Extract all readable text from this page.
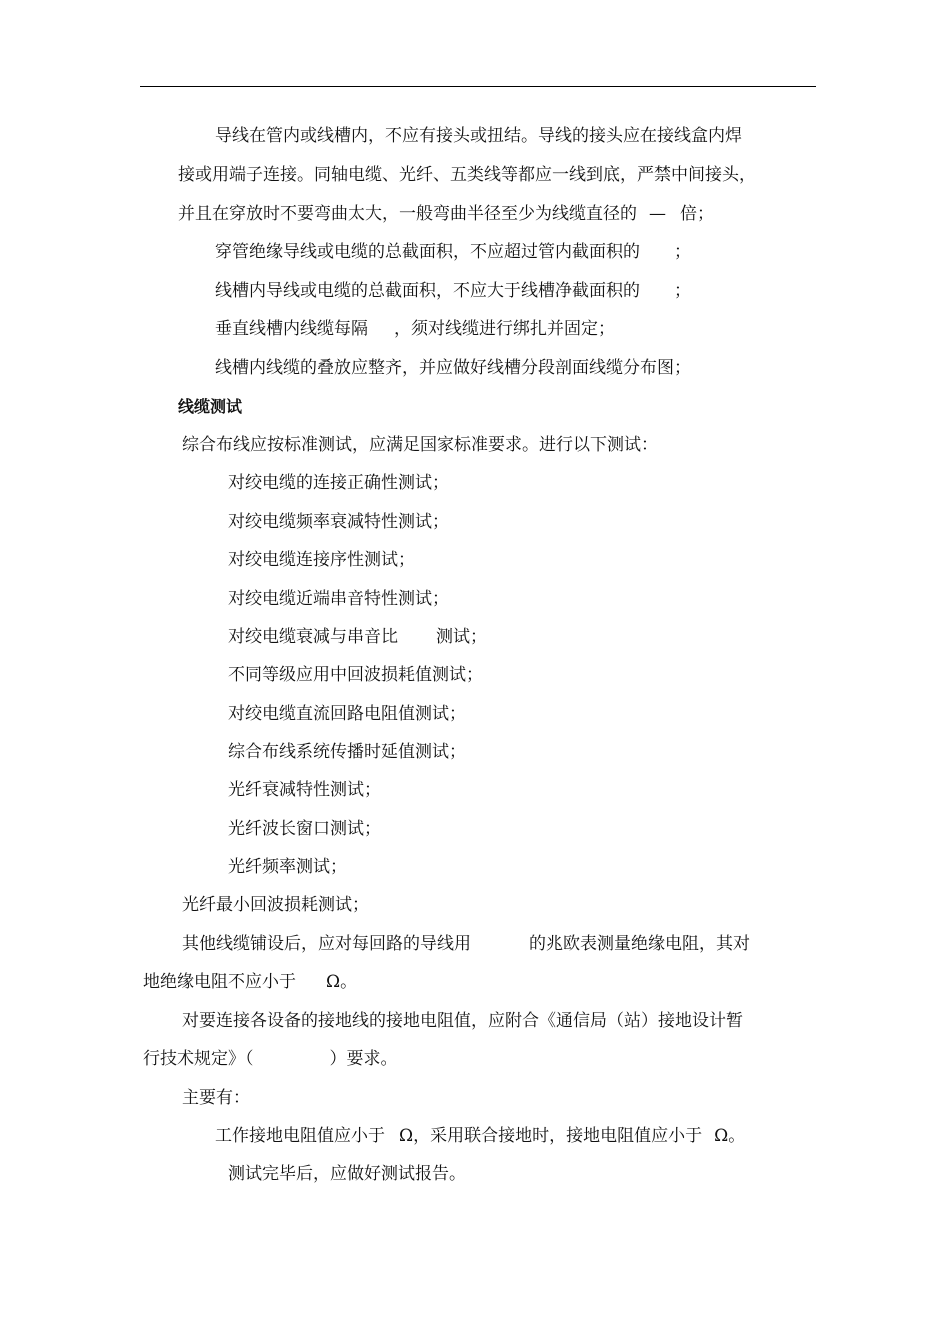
导线在管内或线槽内，不应有接头或扭结。导线的接头应在接线盒内焊
接或用端子连接。同轴电缆、光纤、五类线等都应一线到底，严禁中间接头，
并且在穿放时不要弯曲太大，一般弯曲半径至少为线缆直径的 — 倍；
穿管绝缘导线或电缆的总截面积，不应超过管内截面积的 ；
线槽内导线或电缆的总截面积，不应大于线槽净截面积的 ；
垂直线槽内线缆每隔 ，须对线缆进行绑扎并固定；
线槽内线缆的叠放应整齐，并应做好线槽分段剖面线缆分布图；
线缆测试
综合布线应按标准测试，应满足国家标准要求。进行以下测试：
对绞电缆的连接正确性测试；
对绞电缆频率衰减特性测试；
对绞电缆连接序性测试；
对绞电缆近端串音特性测试；
对绞电缆衰减与串音比 测试；
不同等级应用中回波损耗值测试；
对绞电缆直流回路电阻值测试；
综合布线系统传播时延值测试；
光纤衰减特性测试；
光纤波长窗口测试；
光纤频率测试；
光纤最小回波损耗测试；
其他线缆铺设后，应对每回路的导线用	的兆欧表测量绝缘电阻，其对
地绝缘电阻不应小于 Ω。
对要连接各设备的接地线的接地电阻值，应附合《通信局（站）接地设计暂
行技术规定》（	）要求。
主要有：
工作接地电阻值应小于 Ω，采用联合接地时，接地电阻值应小于 Ω。
测试完毕后，应做好测试报告。
